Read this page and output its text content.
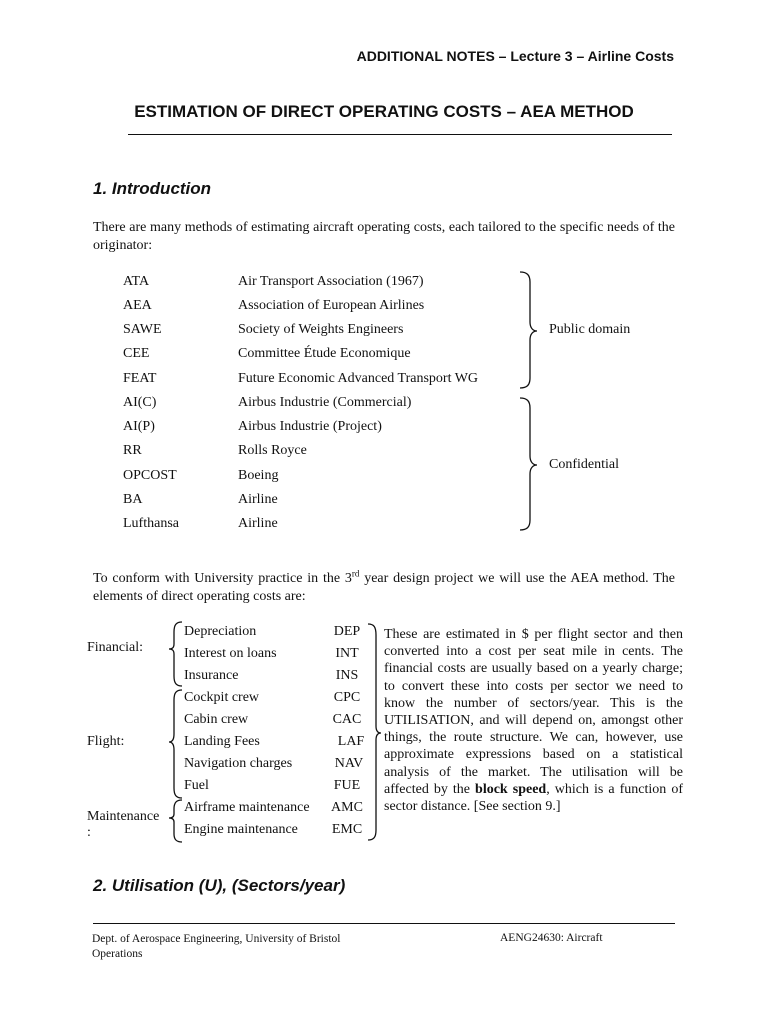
ADDITIONAL NOTES – Lecture 3 – Airline Costs
ESTIMATION OF DIRECT OPERATING COSTS – AEA METHOD
1. Introduction
There are many methods of estimating aircraft operating costs, each tailored to the specific needs of the originator:
ATA	Air Transport Association (1967)
AEA	Association of European Airlines
SAWE	Society of Weights Engineers
CEE	Committee Étude Economique
FEAT	Future Economic Advanced Transport WG
AI(C)	Airbus Industrie (Commercial)
AI(P)	Airbus Industrie (Project)
RR	Rolls Royce
OPCOST	Boeing
BA	Airline
Lufthansa	Airline
Public domain
Confidential
To conform with University practice in the 3rd year design project we will use the AEA method. The elements of direct operating costs are:
Financial:
Flight:
Maintenance
:
Depreciation	DEP
Interest on loans	INT
Insurance	INS
Cockpit crew	CPC
Cabin crew	CAC
Landing Fees	LAF
Navigation charges	NAV
Fuel	FUE
Airframe maintenance AMC
Engine maintenance	EMC
These are estimated in $ per flight sector and then converted into a cost per seat mile in cents. The financial costs are usually based on a yearly charge; to convert these into costs per sector we need to know the number of sectors/year. This is the UTILISATION, and will depend on, amongst other things, the route structure. We can, however, use approximate expressions based on a statistical analysis of the market. The utilisation will be affected by the block speed, which is a function of sector distance. [See section 9.]
2. Utilisation (U), (Sectors/year)
Dept. of Aerospace Engineering, University of Bristol
Operations
AENG24630: Aircraft
